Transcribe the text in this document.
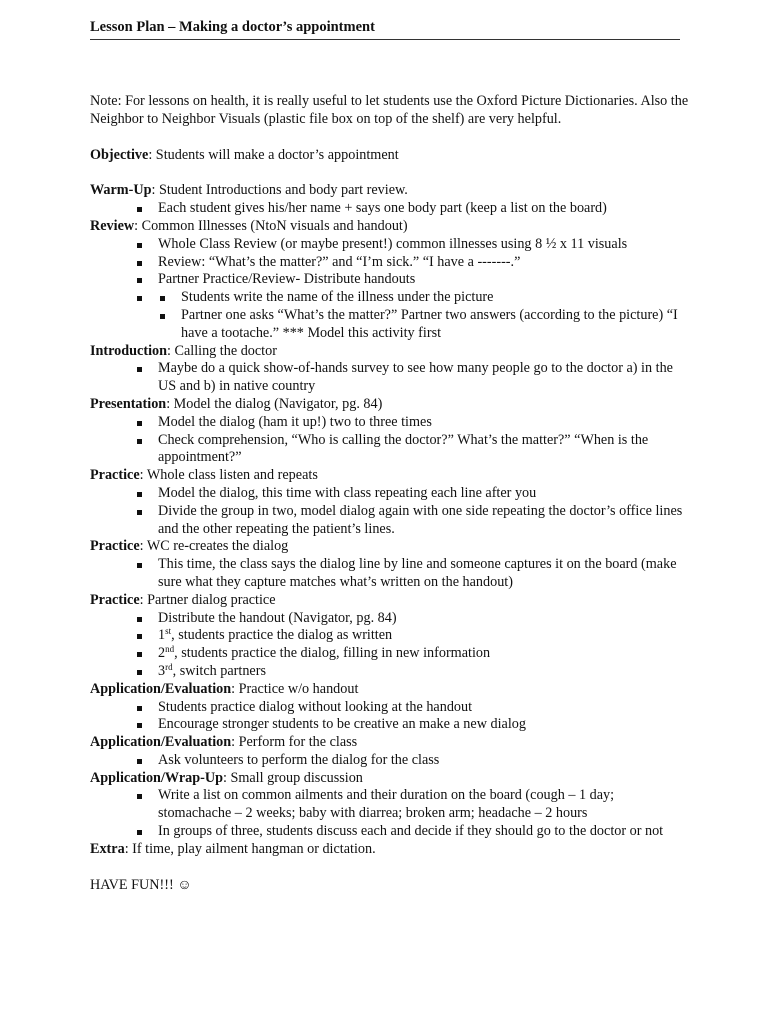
Lesson Plan – Making a doctor’s appointment

Note: For lessons on health, it is really useful to let students use the Oxford Picture Dictionaries. Also the Neighbor to Neighbor Visuals (plastic file box on top of the shelf) are very helpful.

Objective: Students will make a doctor’s appointment

Warm-Up: Student Introductions and body part review.

Each student gives his/her name + says one body part (keep a list on the board)

Review: Common Illnesses (NtoN visuals and handout)

Whole Class Review (or maybe present!) common illnesses using 8 ½ x 11 visuals
Review: “What’s the matter?” and “I’m sick.” “I have a -------.”
Partner Practice/Review- Distribute handouts
Students write the name of the illness under the picture
Partner one asks “What’s the matter?” Partner two answers (according to the picture) “I have a tootache.” *** Model this activity first

Introduction: Calling the doctor

Maybe do a quick show-of-hands survey to see how many people go to the doctor a) in the US and b) in native country

Presentation: Model the dialog (Navigator, pg. 84)

Model the dialog (ham it up!) two to three times
Check comprehension, “Who is calling the doctor?” What’s the matter?” “When is the appointment?”

Practice: Whole class listen and repeats

Model the dialog, this time with class repeating each line after you
Divide the group in two, model dialog again with one side repeating the doctor’s office lines and the other repeating the patient’s lines.

Practice: WC re-creates the dialog

This time, the class says the dialog line by line and someone captures it on the board (make sure what they capture matches what’s written on the handout)

Practice: Partner dialog practice

Distribute the handout (Navigator, pg. 84)
1st, students practice the dialog as written
2nd, students practice the dialog, filling in new information
3rd, switch partners

Application/Evaluation: Practice w/o handout

Students practice dialog without looking at the handout
Encourage stronger students to be creative an make a new dialog

Application/Evaluation: Perform for the class

Ask volunteers to perform the dialog for the class

Application/Wrap-Up: Small group discussion

Write a list on common ailments and their duration on the board (cough – 1 day; stomachache – 2 weeks; baby with diarrea; broken arm; headache – 2 hours
In groups of three, students discuss each and decide if they should go to the doctor or not

Extra: If time, play ailment hangman or dictation.

HAVE FUN!!! ☺
